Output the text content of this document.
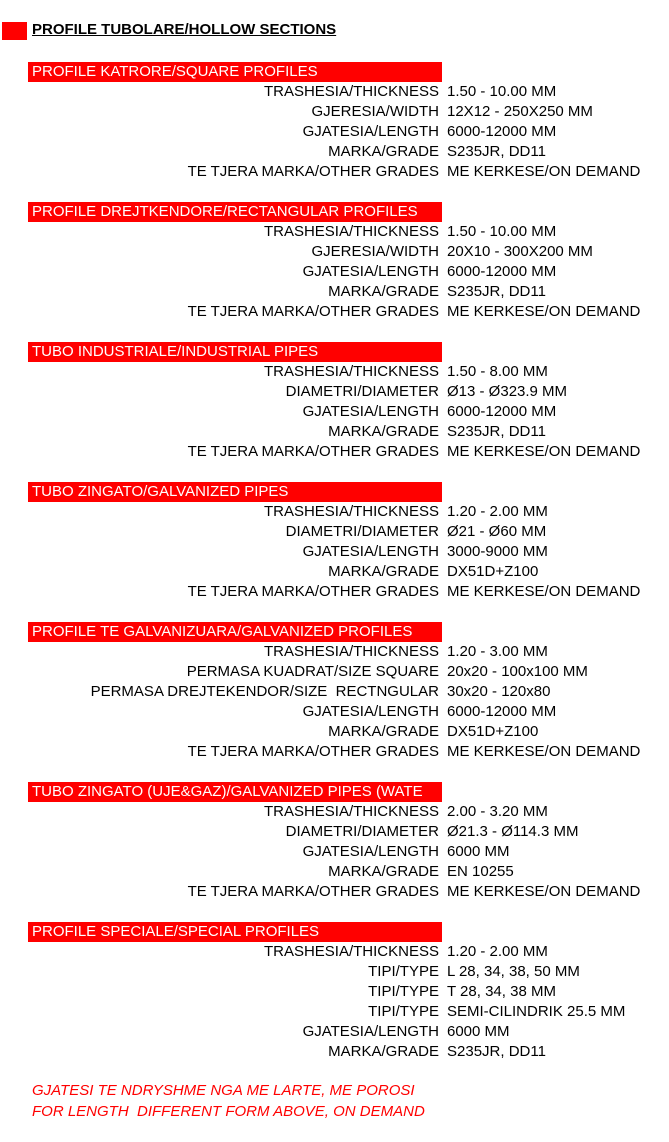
PROFILE TUBOLARE/HOLLOW SECTIONS
PROFILE KATRORE/SQUARE PROFILES
TRASHESIA/THICKNESS 1.50 - 10.00 MM
GJERESIA/WIDTH 12X12 - 250X250 MM
GJATESIA/LENGTH 6000-12000 MM
MARKA/GRADE S235JR, DD11
TE TJERA MARKA/OTHER GRADES ME KERKESE/ON DEMAND
PROFILE DREJTKENDORE/RECTANGULAR PROFILES
TRASHESIA/THICKNESS 1.50 - 10.00 MM
GJERESIA/WIDTH 20X10 - 300X200 MM
GJATESIA/LENGTH 6000-12000 MM
MARKA/GRADE S235JR, DD11
TE TJERA MARKA/OTHER GRADES ME KERKESE/ON DEMAND
TUBO INDUSTRIALE/INDUSTRIAL PIPES
TRASHESIA/THICKNESS 1.50 - 8.00 MM
DIAMETRI/DIAMETER Ø13 - Ø323.9 MM
GJATESIA/LENGTH 6000-12000 MM
MARKA/GRADE S235JR, DD11
TE TJERA MARKA/OTHER GRADES ME KERKESE/ON DEMAND
TUBO ZINGATO/GALVANIZED PIPES
TRASHESIA/THICKNESS 1.20 - 2.00 MM
DIAMETRI/DIAMETER Ø21 - Ø60 MM
GJATESIA/LENGTH 3000-9000 MM
MARKA/GRADE DX51D+Z100
TE TJERA MARKA/OTHER GRADES ME KERKESE/ON DEMAND
PROFILE TE GALVANIZUARA/GALVANIZED PROFILES
TRASHESIA/THICKNESS 1.20 - 3.00 MM
PERMASA KUADRAT/SIZE SQUARE 20x20 - 100x100 MM
PERMASA DREJTEKENDOR/SIZE  RECTNGULAR 30x20 - 120x80
GJATESIA/LENGTH 6000-12000 MM
MARKA/GRADE DX51D+Z100
TE TJERA MARKA/OTHER GRADES ME KERKESE/ON DEMAND
TUBO ZINGATO (UJE&GAZ)/GALVANIZED PIPES (WATE
TRASHESIA/THICKNESS 2.00 - 3.20 MM
DIAMETRI/DIAMETER Ø21.3 - Ø114.3 MM
GJATESIA/LENGTH 6000 MM
MARKA/GRADE EN 10255
TE TJERA MARKA/OTHER GRADES ME KERKESE/ON DEMAND
PROFILE SPECIALE/SPECIAL PROFILES
TRASHESIA/THICKNESS 1.20 - 2.00 MM
TIPI/TYPE L 28, 34, 38, 50 MM
TIPI/TYPE T 28, 34, 38 MM
TIPI/TYPE SEMI-CILINDRIK 25.5 MM
GJATESIA/LENGTH 6000 MM
MARKA/GRADE S235JR, DD11
GJATESI TE NDRYSHME NGA ME LARTE, ME POROSI
FOR LENGTH  DIFFERENT FORM ABOVE, ON DEMAND
